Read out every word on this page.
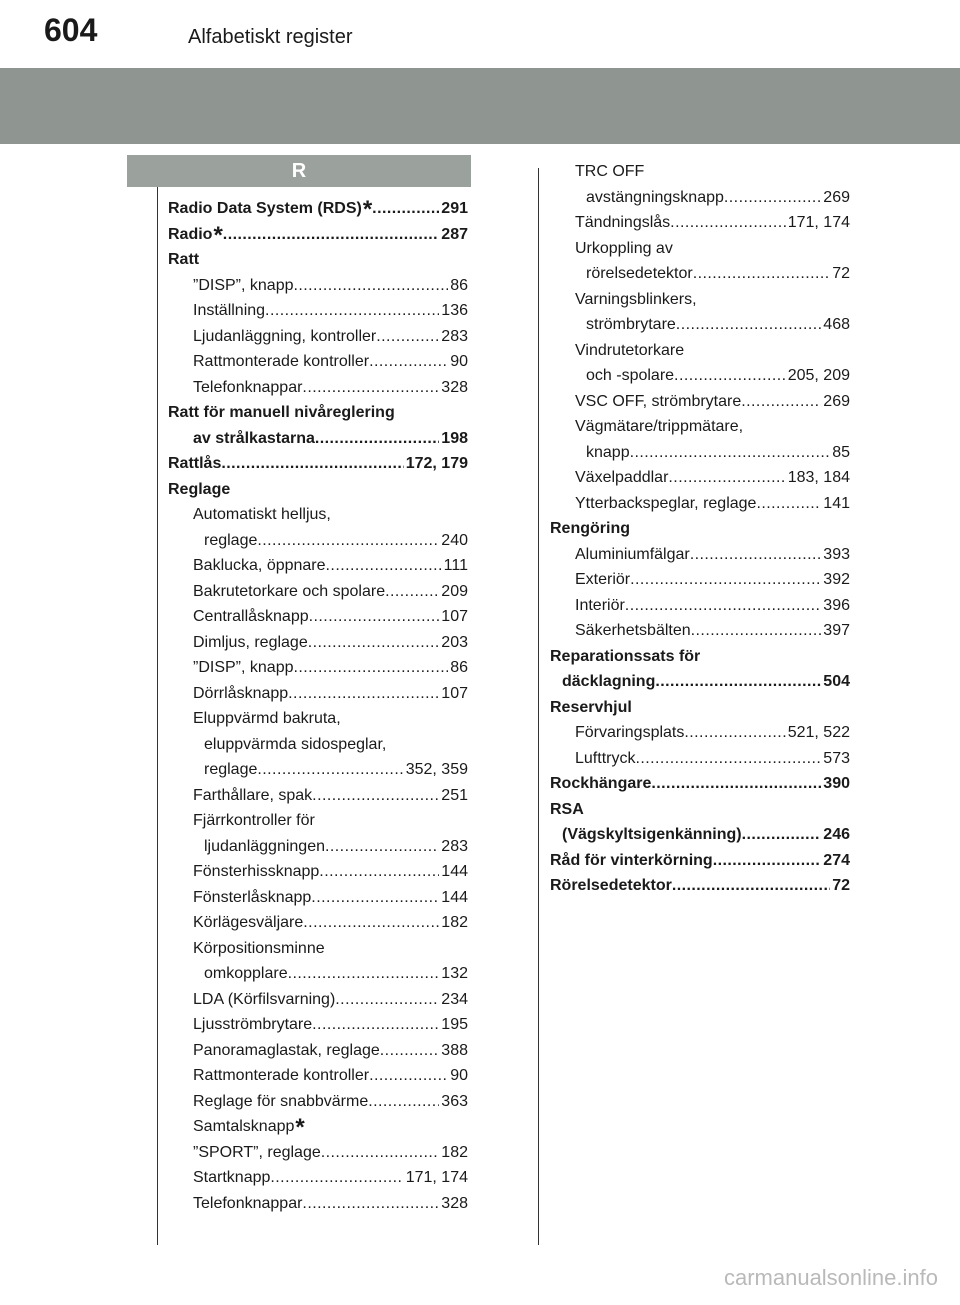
604	Alfabetiskt register
R
Radio Data System (RDS) * . . .	291
Radio * . . .	287
Ratt
”DISP”, knapp . . .	86
Inställning . . .	136
Ljudanläggning, kontroller . . .	283
Rattmonterade kontroller . . .	90
Telefonknappar . . .	328
Ratt för manuell nivåreglering
av strålkastarna . . .	198
Rattlås . . .	172, 179
Reglage
Automatiskt helljus,
reglage . . .	240
Baklucka, öppnare . . .	111
Bakrutetorkare och spolare . . .	209
Centrallåsknapp . . .	107
Dimljus, reglage . . .	203
”DISP”, knapp . . .	86
Dörrlåsknapp . . .	107
Eluppvärmd bakruta,
eluppvärmda sidospeglar,
reglage . . .	352, 359
Farthållare, spak . . .	251
Fjärrkontroller för
ljudanläggningen . . .	283
Fönsterhissknapp . . .	144
Fönsterlåsknapp . . .	144
Körlägesväljare . . .	182
Körpositionsminne
omkopplare . . .	132
LDA (Körfilsvarning) . . .	234
Ljusströmbrytare . . .	195
Panoramaglastak, reglage . . .	388
Rattmonterade kontroller . . .	90
Reglage för snabbvärme . . .	363
Samtalsknapp *
”SPORT”, reglage . . .	182
Startknapp . . .	171, 174
Telefonknappar . . .	328
TRC OFF
avstängningsknapp . . .	269
Tändningslås . . .	171, 174
Urkoppling av
rörelsedetektor . . .	72
Varningsblinkers,
strömbrytare . . .	468
Vindrutetorkare
och -spolare . . .	205, 209
VSC OFF, strömbrytare . . .	269
Vägmätare/trippmätare,
knapp . . .	85
Växelpaddlar . . .	183, 184
Ytterbackspeglar, reglage . . .	141
Rengöring
Aluminiumfälgar . . .	393
Exteriör . . .	392
Interiör . . .	396
Säkerhetsbälten . . .	397
Reparationssats för
däcklagning . . .	504
Reservhjul
Förvaringsplats . . .	521, 522
Lufttryck . . .	573
Rockhängare . . .	390
RSA
(Vägskyltsigenkänning) . . .	246
Råd för vinterkörning . . .	274
Rörelsedetektor . . .	72
carmanualsonline.info
